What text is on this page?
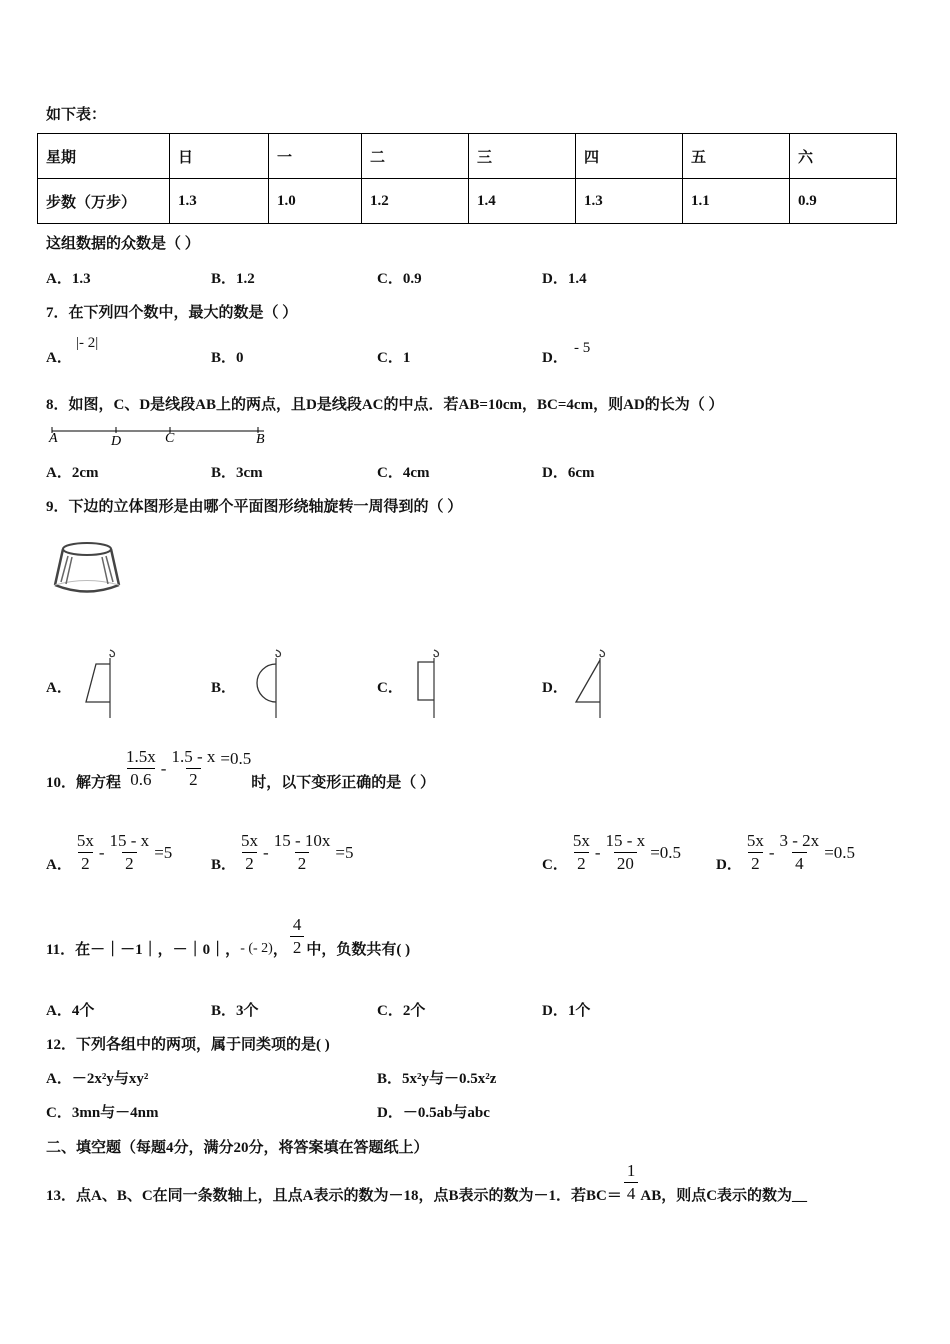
如下表：
星期	日	一	二	三	四	五	六
步数（万步）	1.3	1.0	1.2	1.4	1.3	1.1	0.9
这组数据的众数是（ ）
A．1.3	B．1.2	C．0.9	D．1.4
7．在下列四个数中，最大的数是（ ）
A．
|- 2|
B．0	C．1	D．
- 5
8．如图，C、D是线段AB上的两点，且D是线段AC的中点．若AB=10cm，BC=4cm，则AD的长为（ ）
A	D	C	B
A．2cm	B．3cm	C．4cm	D．6cm
9．下边的立体图形是由哪个平面图形绕轴旋转一周得到的（ ）
A．	B．	C．	D．
10．解方程 $\frac{1.5x}{0.6} - \frac{1.5 - x}{2} =0.5$
时，以下变形正确的是（ ）
A． $\frac{5x}{2} - \frac{15 - x}{2} =5$
B． $\frac{5x}{2} - \frac{15 - 10x}{2} =5$
C． $\frac{5x}{2} - \frac{15 - x}{20} =0.5$
D． $\frac{5x}{2} - \frac{3 - 2x}{4} =0.5$
11．在－｜－1｜，－｜0｜， - (- 2) ， $\frac{4}{2}$ 中，负数共有( )
A．4个	B．3个	C．2个	D．1个
12．下列各组中的两项，属于同类项的是( )
A．－2x²y与xy²	B．5x²y与－0.5x²z
C．3mn与－4nm	D．－0.5ab与abc
二、填空题（每题4分，满分20分，将答案填在答题纸上）
13．点A、B、C在同一条数轴上，且点A表示的数为－18，点B表示的数为－1．若$BC= \frac{1}{4}$ AB，则点C表示的数为__
